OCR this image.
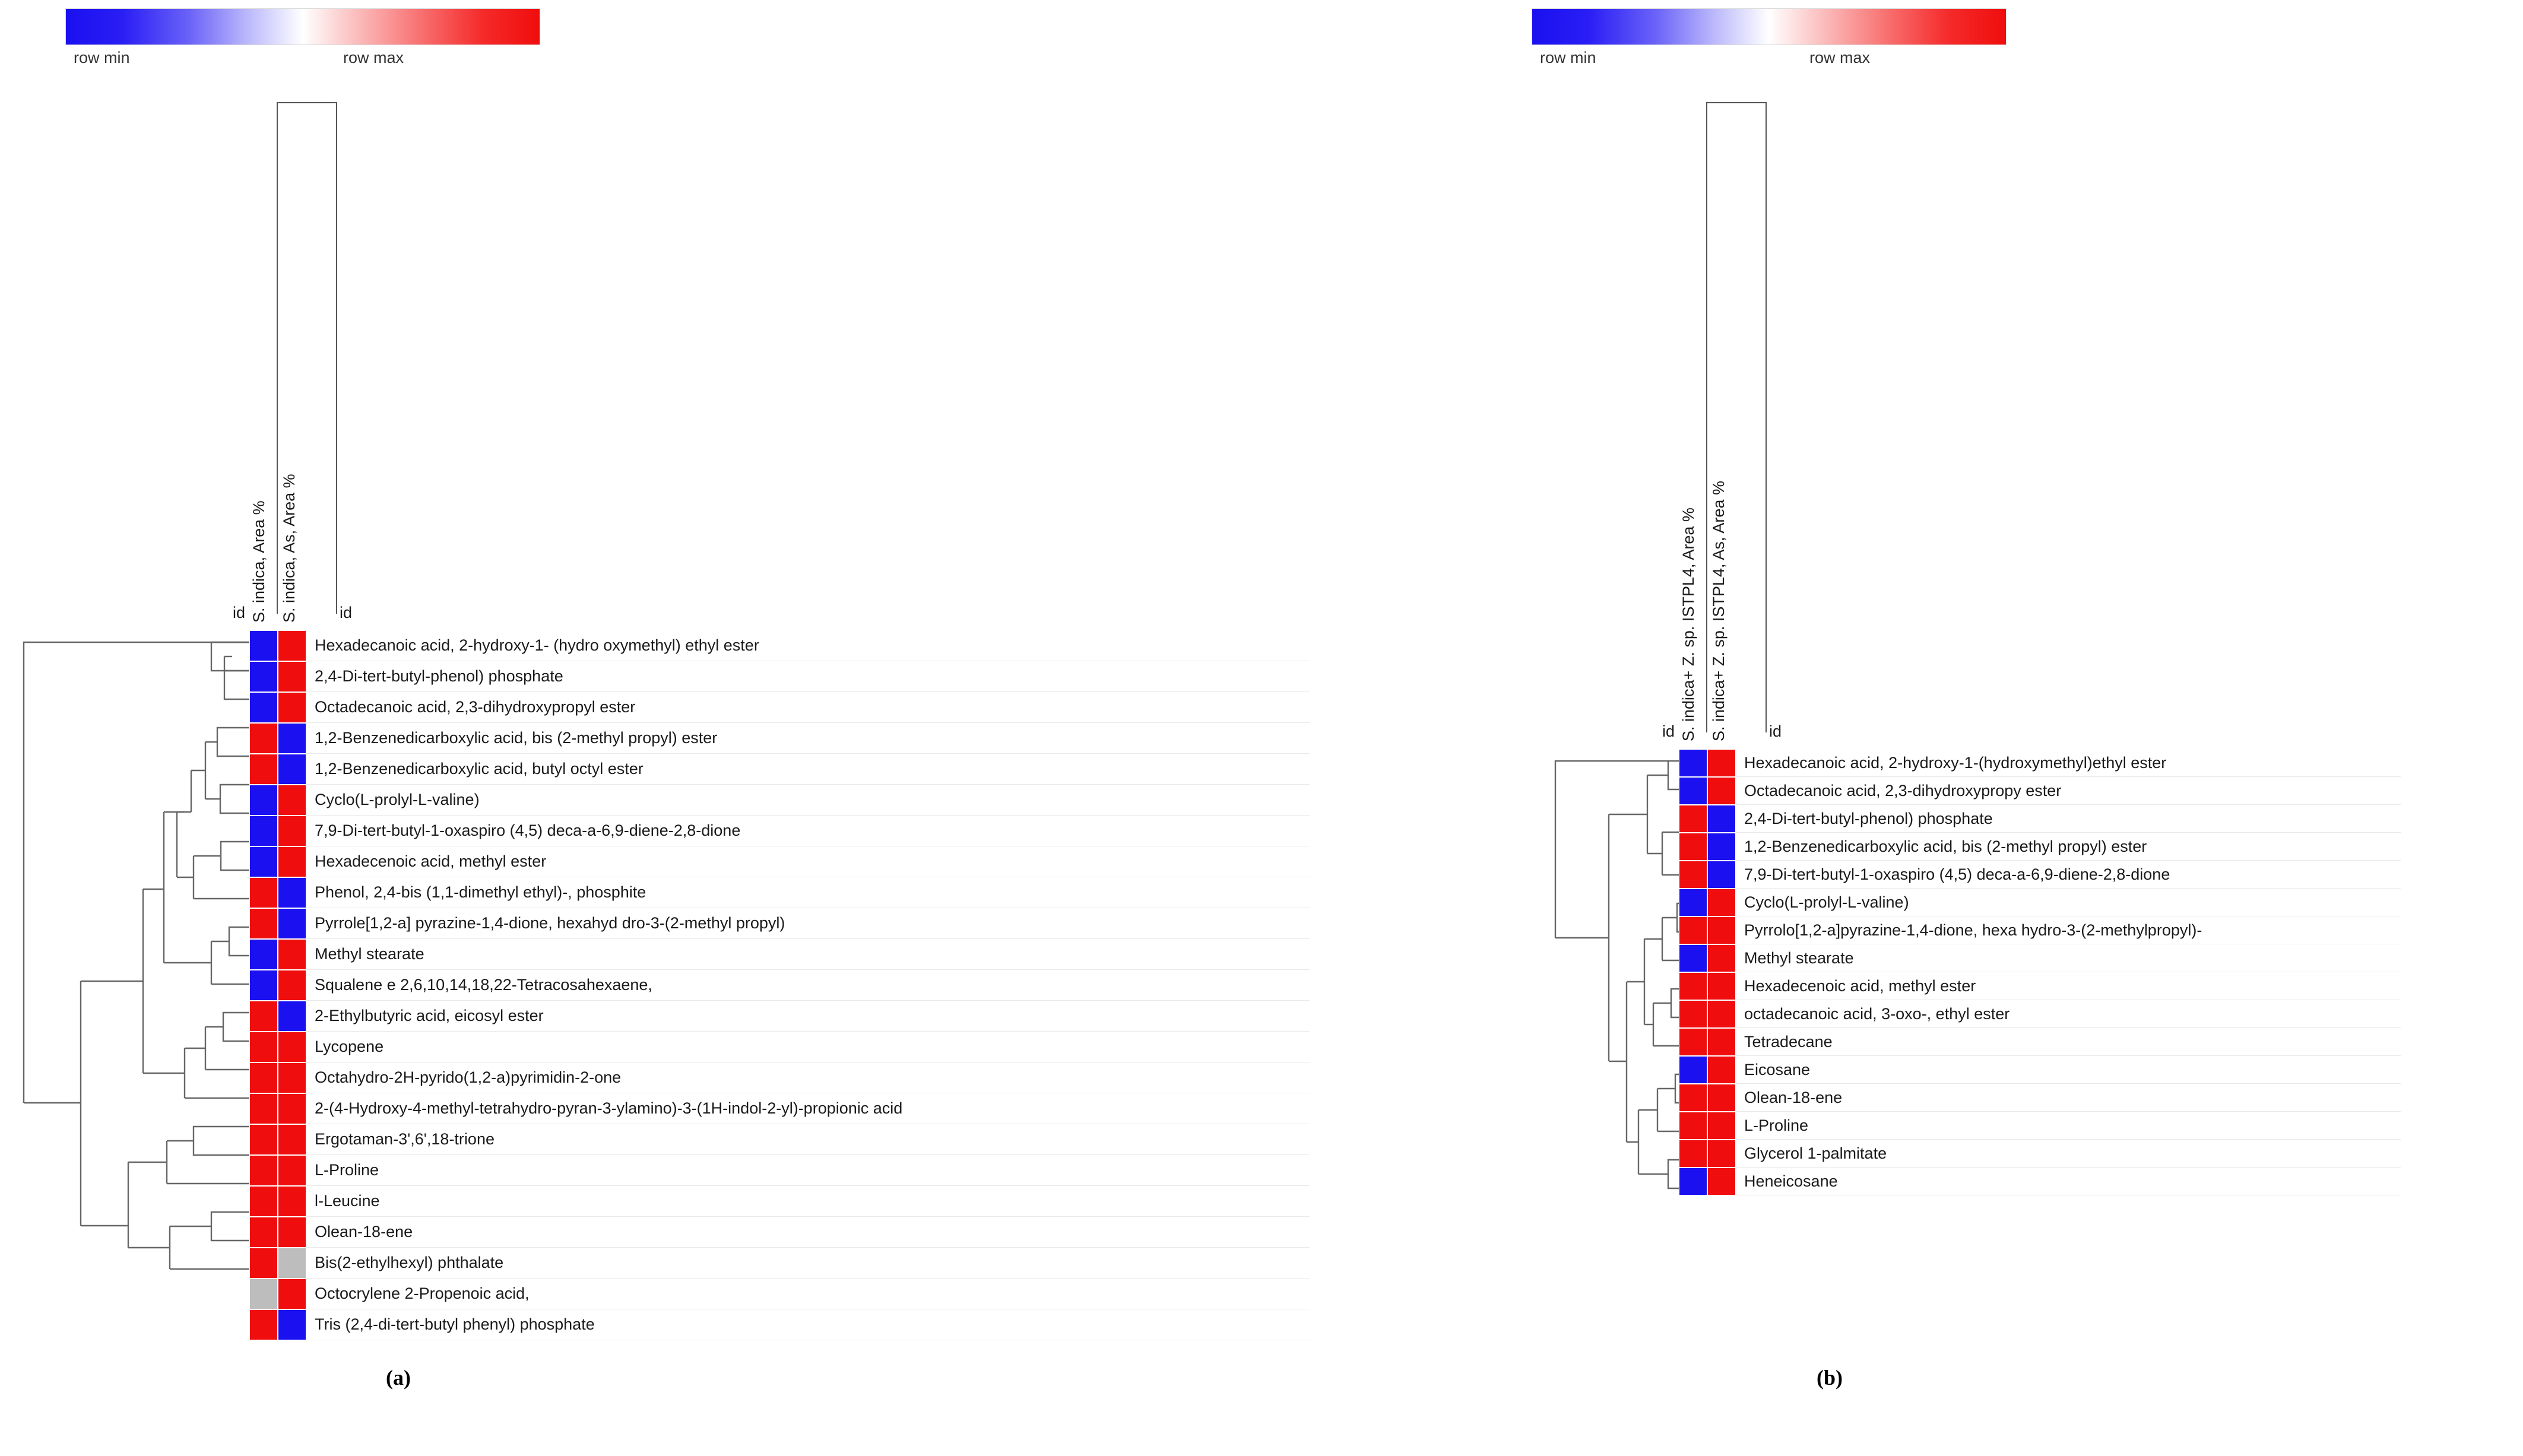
row min	row max
S. indica, Area % S. indica, As, Area %
id	id
Hexadecanoic acid, 2-hydroxy-1- (hydro oxymethyl) ethyl ester
2,4-Di-tert-butyl-phenol) phosphate
Octadecanoic acid, 2,3-dihydroxypropyl ester
1,2-Benzenedicarboxylic acid, bis (2-methyl propyl) ester
1,2-Benzenedicarboxylic acid, butyl octyl ester
Cyclo(L-prolyl-L-valine)
7,9-Di-tert-butyl-1-oxaspiro (4,5) deca-a-6,9-diene-2,8-dione
Hexadecenoic acid, methyl ester
Phenol, 2,4-bis (1,1-dimethyl ethyl)-, phosphite
Pyrrole[1,2-a] pyrazine-1,4-dione, hexahyd dro-3-(2-methyl propyl)
Methyl stearate
Squalene e 2,6,10,14,18,22-Tetracosahexaene,
2-Ethylbutyric acid, eicosyl ester
Lycopene
Octahydro-2H-pyrido(1,2-a)pyrimidin-2-one
2-(4-Hydroxy-4-methyl-tetrahydro-pyran-3-ylamino)-3-(1H-indol-2-yl)-propionic acid
Ergotaman-3',6',18-trione
L-Proline
l-Leucine
Olean-18-ene
Bis(2-ethylhexyl) phthalate
Octocrylene 2-Propenoic acid,
Tris (2,4-di-tert-butyl phenyl) phosphate
(a)
row min	row max
S. indica+ Z. sp. ISTPL4, Area % S. indica+ Z. sp. ISTPL4, As, Area %
id	id
Hexadecanoic acid, 2-hydroxy-1-(hydroxymethyl)ethyl ester
Octadecanoic acid, 2,3-dihydroxypropy ester
2,4-Di-tert-butyl-phenol) phosphate
1,2-Benzenedicarboxylic acid, bis (2-methyl propyl) ester
7,9-Di-tert-butyl-1-oxaspiro (4,5) deca-a-6,9-diene-2,8-dione
Cyclo(L-prolyl-L-valine)
Pyrrolo[1,2-a]pyrazine-1,4-dione, hexa hydro-3-(2-methylpropyl)-
Methyl stearate
Hexadecenoic acid, methyl ester
octadecanoic acid, 3-oxo-, ethyl ester
Tetradecane
Eicosane
Olean-18-ene
L-Proline
Glycerol 1-palmitate
Heneicosane
(b)
